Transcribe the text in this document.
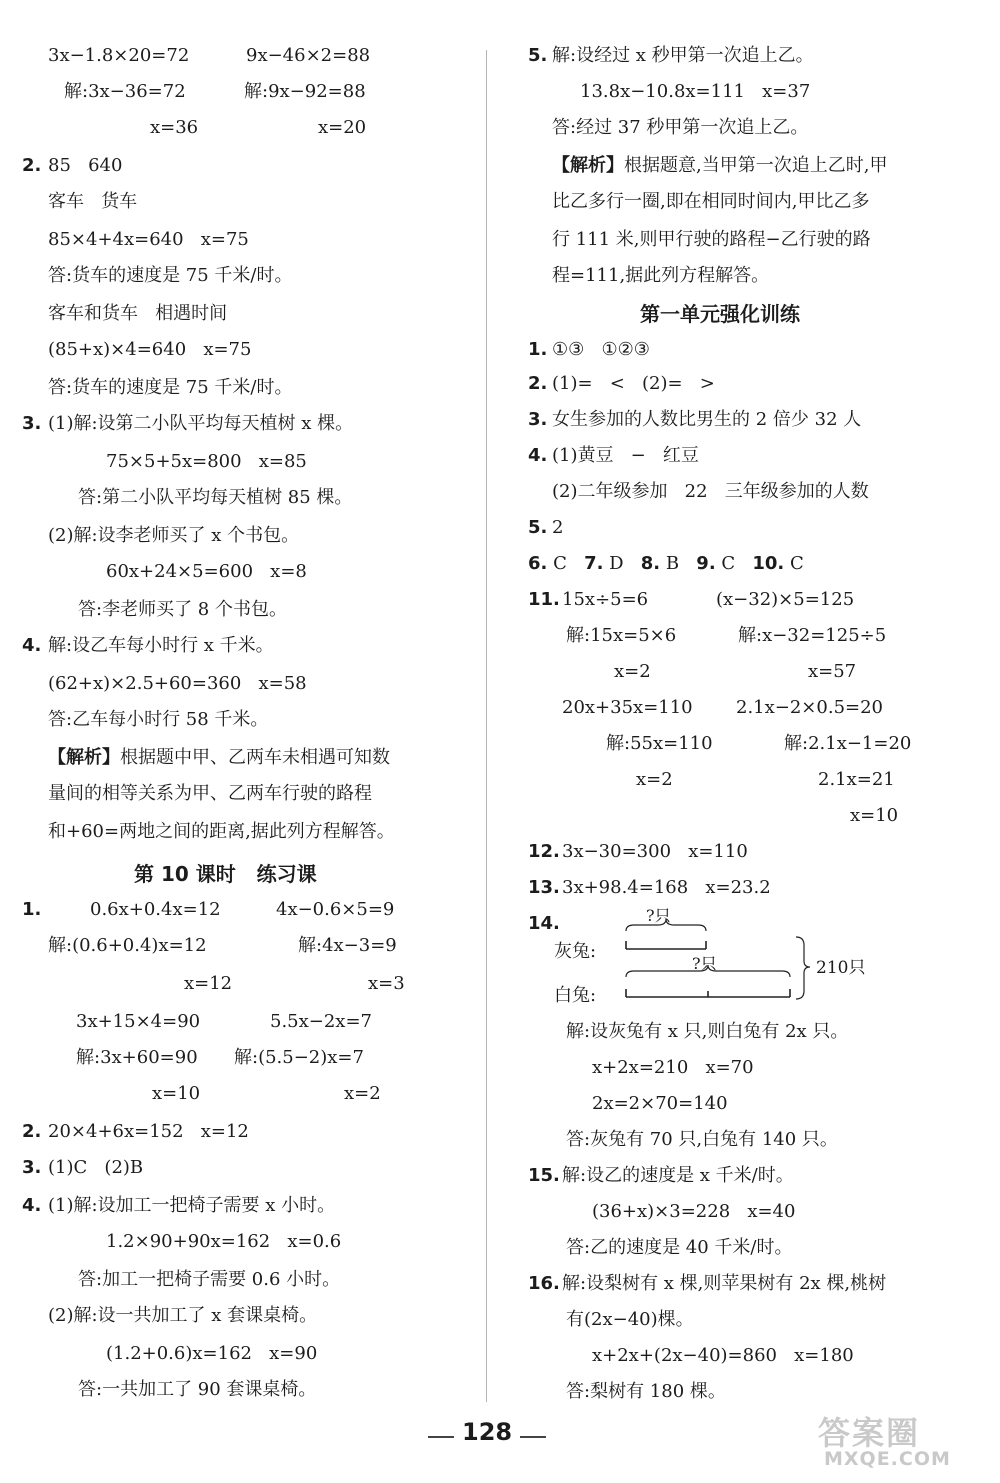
3x−1.8×20=72	9x−46×2=88
解:3x−36=72	解:9x−92=88
x=36	x=20
2. 85   640
客车   货车
85×4+4x=640   x=75
答:货车的速度是 75 千米/时。
客车和货车   相遇时间
(85+x)×4=640   x=75
答:货车的速度是 75 千米/时。
3. (1)解:设第二小队平均每天植树 x 棵。
75×5+5x=800   x=85
答:第二小队平均每天植树 85 棵。
(2)解:设李老师买了 x 个书包。
60x+24×5=600   x=8
答:李老师买了 8 个书包。
4. 解:设乙车每小时行 x 千米。
(62+x)×2.5+60=360   x=58
答:乙车每小时行 58 千米。
【解析】根据题中甲、乙两车未相遇可知数
量间的相等关系为甲、乙两车行驶的路程
和+60=两地之间的距离,据此列方程解答。
第 10 课时   练习课
1.	0.6x+0.4x=12	4x−0.6×5=9
解:(0.6+0.4)x=12	解:4x−3=9
x=12	x=3
3x+15×4=90	5.5x−2x=7
解:3x+60=90 解:(5.5−2)x=7
x=10	x=2
2. 20×4+6x=152   x=12
3. (1)C   (2)B
4. (1)解:设加工一把椅子需要 x 小时。
1.2×90+90x=162   x=0.6
答:加工一把椅子需要 0.6 小时。
(2)解:设一共加工了 x 套课桌椅。
(1.2+0.6)x=162   x=90
答:一共加工了 90 套课桌椅。
5. 解:设经过 x 秒甲第一次追上乙。
13.8x−10.8x=111   x=37
答:经过 37 秒甲第一次追上乙。
【解析】根据题意,当甲第一次追上乙时,甲
比乙多行一圈,即在相同时间内,甲比乙多
行 111 米,则甲行驶的路程−乙行驶的路
程=111,据此列方程解答。
第一单元强化训练
1. ①③   ①②③
2. (1)=   <   (2)=   >
3. 女生参加的人数比男生的 2 倍少 32 人
4. (1)黄豆   −   红豆
(2)二年级参加   22   三年级参加的人数
5. 2
6. C 7. D 8. B 9. C 10. C
11. 15x÷5=6	(x−32)×5=125
解:15x=5×6	解:x−32=125÷5
x=2	x=57
20x+35x=110 2.1x−2×0.5=20
解:55x=110	解:2.1x−1=20
x=2	2.1x=21
x=10
12. 3x−30=300   x=110
13. 3x+98.4=168   x=23.2
14.	?只
?只
灰兔:
白兔:
210只
解:设灰兔有 x 只,则白兔有 2x 只。
x+2x=210   x=70
2x=2×70=140
答:灰兔有 70 只,白兔有 140 只。
15. 解:设乙的速度是 x 千米/时。
(36+x)×3=228   x=40
答:乙的速度是 40 千米/时。
16. 解:设梨树有 x 棵,则苹果树有 2x 棵,桃树
有(2x−40)棵。
x+2x+(2x−40)=860   x=180
答:梨树有 180 棵。
128	答案圈
MXQE.COM
